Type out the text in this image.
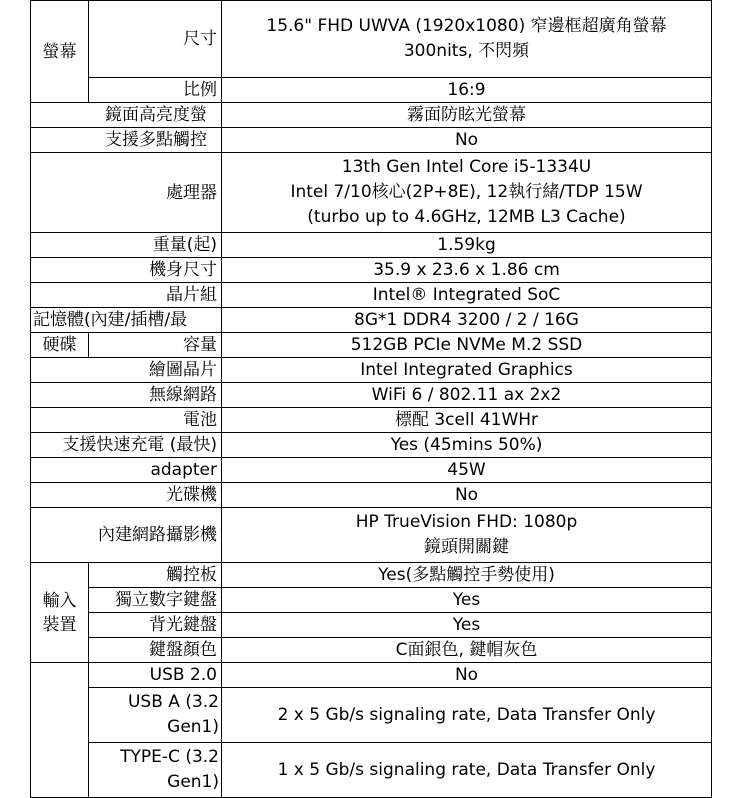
螢幕	尺寸	15.6" FHD UWVA (1920x1080) 窄邊框超廣角螢幕
300nits, 不閃頻

	比例	16:9
鏡面高亮度螢		霧面防眩光螢幕
支援多點觸控		No
處理器		13th Gen Intel Core i5-1334U
Intel 7/10核心(2P+8E), 12執行緒/TDP 15W
(turbo up to 4.6GHz, 12MB L3 Cache)

重量(起)		1.59kg
機身尺寸		35.9 x 23.6 x 1.86 cm
晶片組		Intel® Integrated SoC
記憶體(內建/插槽/最		8G*1 DDR4 3200 / 2 / 16G
硬碟	容量	512GB PCIe NVMe M.2 SSD
繪圖晶片		Intel Integrated Graphics
無線網路		WiFi 6 / 802.11 ax 2x2
電池		標配 3cell 41WHr
支援快速充電 (最快)		Yes (45mins 50%)
adapter		45W
光碟機		No
內建網路攝影機		HP TrueVision FHD: 1080p
鏡頭開關鍵

輸入
裝置	觸控板	Yes(多點觸控手勢使用)
	獨立數字鍵盤	Yes
	背光鍵盤	Yes
	鍵盤顏色	C面銀色, 鍵帽灰色
	USB 2.0	No

	USB A (3.2
Gen1)	2 x 5 Gb/s signaling rate, Data Transfer Only

	TYPE-C (3.2
Gen1)	1 x 5 Gb/s signaling rate, Data Transfer Only
